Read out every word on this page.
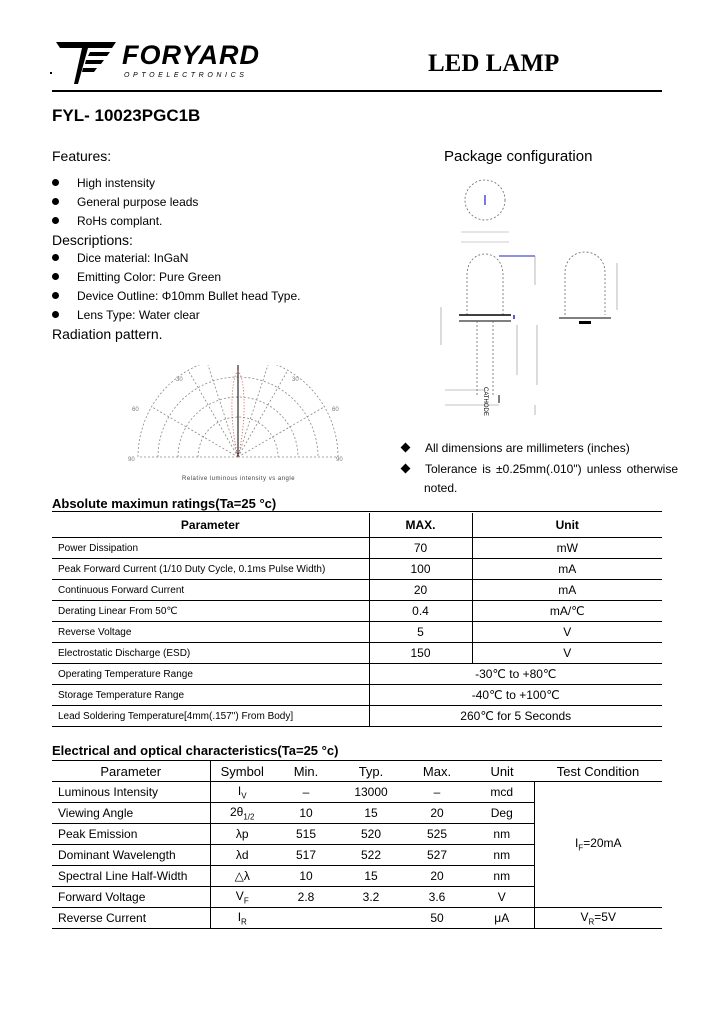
FORYARD
OPTOELECTRONICS	LED LAMP
FYL- 10023PGC1B
Features:
High instensity
General purpose leads
RoHs complant.
Descriptions:
Dice material: InGaN
Emitting Color: Pure Green
Device Outline: Φ10mm Bullet head Type.
Lens Type: Water clear
Radiation pattern.
60	60
30	30
90	90
Relative luminous intensity vs angle
Package configuration
CATHODE
All dimensions are millimeters (inches)
Tolerance is ±0.25mm(.010") unless otherwise noted.
Absolute maximun ratings(Ta=25 °c)
Parameter	MAX.	Unit
Power Dissipation	70	mW
Peak Forward Current (1/10 Duty Cycle, 0.1ms Pulse Width)	100	mA
Continuous Forward Current	20	mA
Derating Linear From 50℃	0.4	mA/℃
Reverse Voltage	5	V
Electrostatic Discharge (ESD)	150	V
Operating Temperature Range	-30℃ to +80℃	
Storage Temperature Range	-40℃ to +100℃	
Lead Soldering Temperature[4mm(.157") From Body]	260℃ for 5 Seconds	
Electrical and optical characteristics(Ta=25 °c)
Parameter	Symbol	Min.	Typ.	Max.	Unit	Test Condition
Luminous Intensity	$I_V$	–	13000	–	mcd	$I_F=20mA$
Viewing Angle	$2\theta_{1/2}$	10	15	20	Deg	
Peak Emission	λp	515	520	525	nm	
Dominant Wavelength	λd	517	522	527	nm	
Spectral Line Half-Width	△λ	10	15	20	nm	
Forward Voltage	$V_F$	2.8	3.2	3.6	V	
Reverse Current	$I_R$			50	μA	$V_R=5V$
